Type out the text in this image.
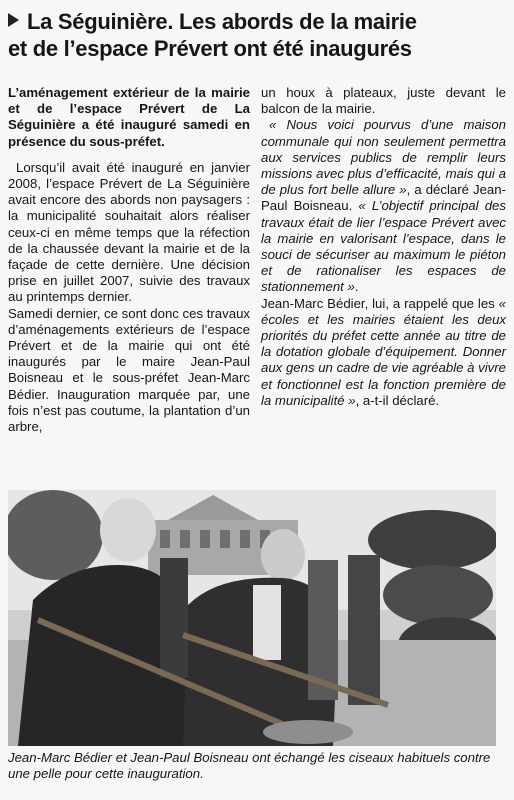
La Séguinière. Les abords de la mairie
et de l’espace Prévert ont été inaugurés

L’aménagement extérieur de la mairie et de l’espace Prévert de La Séguinière a été inauguré samedi en présence du sous-préfet.

Lorsqu’il avait été inauguré en janvier 2008, l’espace Prévert de La Séguinière avait encore des abords non paysagers : la municipalité souhaitait alors réaliser ceux-ci en même temps que la réfection de la chaussée devant la mairie et de la façade de cette dernière. Une décision prise en juillet 2007, suivie des travaux au printemps dernier.

Samedi dernier, ce sont donc ces travaux d’aménagements extérieurs de l’espace Prévert et de la mairie qui ont été inaugurés par le maire Jean-Paul Boisneau et le sous-préfet Jean-Marc Bédier. Inauguration marquée par, une fois n’est pas coutume, la plantation d’un arbre,

un houx à plateaux, juste devant le balcon de la mairie.

« Nous voici pourvus d’une maison communale qui non seulement permettra aux services publics de remplir leurs missions avec plus d’efficacité, mais qui a de plus fort belle allure », a déclaré Jean-Paul Boisneau. « L’objectif principal des travaux était de lier l’espace Prévert avec la mairie en valorisant l’espace, dans le souci de sécuriser au maximum le piéton et de rationaliser les espaces de stationnement ».

Jean-Marc Bédier, lui, a rappelé que les « écoles et les mairies étaient les deux priorités du préfet cette année au titre de la dotation globale d’équipement. Donner aux gens un cadre de vie agréable à vivre et fonctionnel est la fonction première de la municipalité », a-t-il déclaré.

Jean-Marc Bédier et Jean-Paul Boisneau ont échangé les ciseaux habituels contre une pelle pour cette inauguration.
